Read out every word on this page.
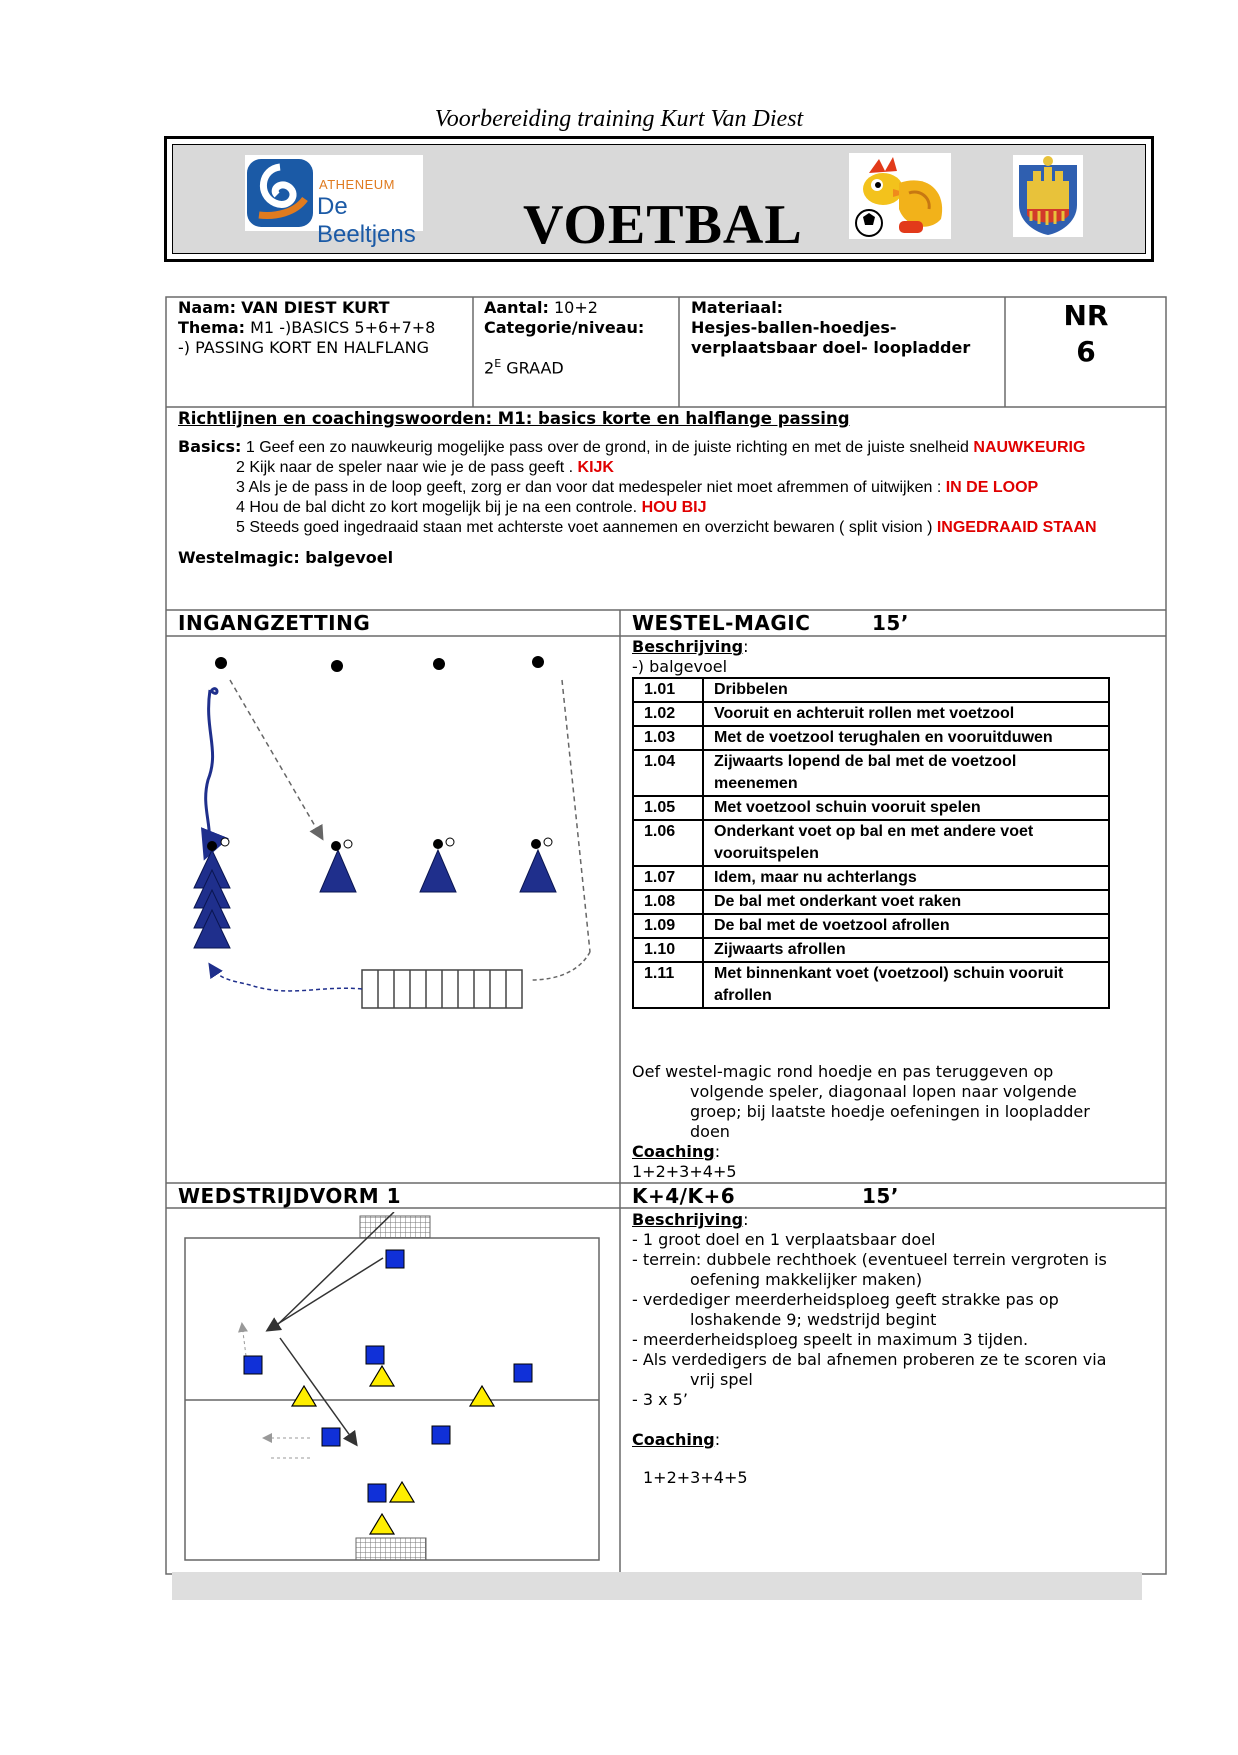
Voorbereiding training Kurt Van Diest
ATHENEUM
De Beeltjens VOETBAL
Naam: VAN DIEST KURT
Thema: M1 -)BASICS 5+6+7+8
-) PASSING KORT EN HALFLANG
Aantal: 10+2
Categorie/niveau:
$2^E$ GRAAD
Materiaal:
Hesjes-ballen-hoedjes-
verplaatsbaar doel- loopladder
NR
6
Richtlijnen en coachingswoorden: M1: basics korte en halflange passing
Basics: 1 Geef een zo nauwkeurig mogelijke pass over de grond, in de juiste richting en met de juiste snelheid NAUWKEURIG
2 Kijk naar de speler naar wie je de pass geeft . KIJK
3 Als je de pass in de loop geeft, zorg er dan voor dat medespeler niet moet afremmen of uitwijken : IN DE LOOP
4 Hou de bal dicht zo kort mogelijk bij je na een controle. HOU BIJ
5 Steeds goed ingedraaid staan met achterste voet aannemen en overzicht bewaren ( split vision ) INGEDRAAID STAAN
Westelmagic: balgevoel
INGANGZETTING	WESTEL-MAGIC	15’
Beschrijving:
-) balgevoel
1.01	Dribbelen
1.02	Vooruit en achteruit rollen met voetzool
1.03	Met de voetzool terughalen en vooruitduwen
1.04	Zijwaarts lopend de bal met de voetzool meenemen
1.05	Met voetzool schuin vooruit spelen
1.06	Onderkant voet op bal en met andere voet vooruitspelen
1.07	Idem, maar nu achterlangs
1.08	De bal met onderkant voet raken
1.09	De bal met de voetzool afrollen
1.10	Zijwaarts afrollen
1.11	Met binnenkant voet (voetzool) schuin vooruit afrollen
Oef westel-magic rond hoedje en pas teruggeven op
volgende speler, diagonaal lopen naar volgende
groep; bij laatste hoedje oefeningen in loopladder
doen
Coaching:
1+2+3+4+5
WEDSTRIJDVORM 1	K+4/K+6	15’
Beschrijving:
- 1 groot doel en 1 verplaatsbaar doel
- terrein: dubbele rechthoek (eventueel terrein vergroten is
oefening makkelijker maken)
- verdediger meerderheidsploeg geeft strakke pas op
loshakende 9; wedstrijd begint
- meerderheidsploeg speelt in maximum 3 tijden.
- Als verdedigers de bal afnemen proberen ze te scoren via
vrij spel
- 3 x 5’
Coaching:
1+2+3+4+5
